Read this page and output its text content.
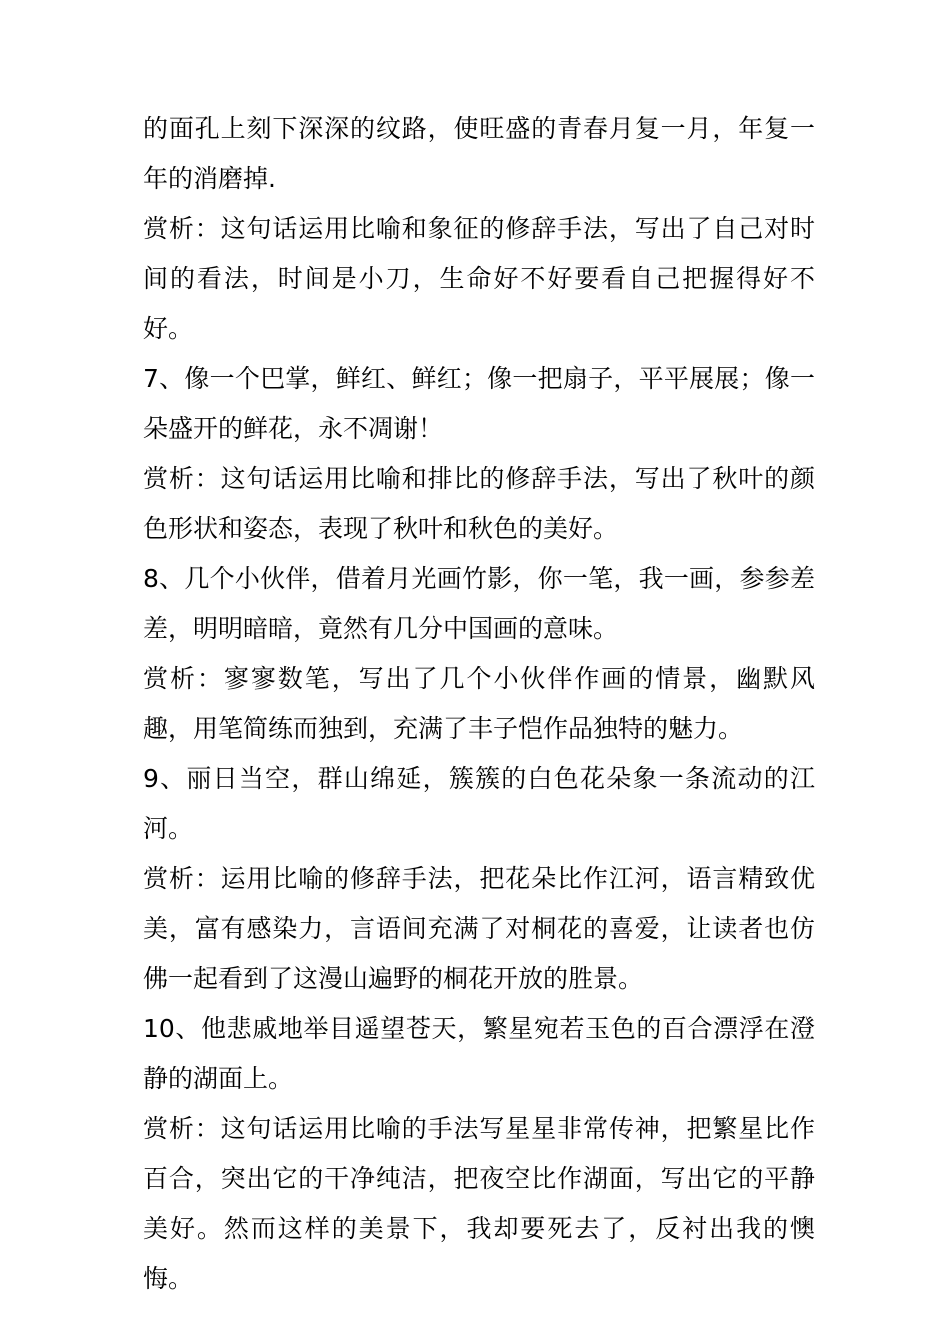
的面孔上刻下深深的纹路，使旺盛的青春月复一月，年复一年的消磨掉.

赏析：这句话运用比喻和象征的修辞手法，写出了自己对时间的看法，时间是小刀，生命好不好要看自己把握得好不好。

7、像一个巴掌，鲜红、鲜红；像一把扇子，平平展展；像一朵盛开的鲜花，永不凋谢！

赏析：这句话运用比喻和排比的修辞手法，写出了秋叶的颜色形状和姿态，表现了秋叶和秋色的美好。

8、几个小伙伴，借着月光画竹影，你一笔，我一画，参参差差，明明暗暗，竟然有几分中国画的意味。

赏析：寥寥数笔，写出了几个小伙伴作画的情景，幽默风趣，用笔简练而独到，充满了丰子恺作品独特的魅力。

9、丽日当空，群山绵延，簇簇的白色花朵象一条流动的江河。

赏析：运用比喻的修辞手法，把花朵比作江河，语言精致优美，富有感染力，言语间充满了对桐花的喜爱，让读者也仿佛一起看到了这漫山遍野的桐花开放的胜景。

10、他悲戚地举目遥望苍天，繁星宛若玉色的百合漂浮在澄静的湖面上。

赏析：这句话运用比喻的手法写星星非常传神，把繁星比作百合，突出它的干净纯洁，把夜空比作湖面，写出它的平静美好。然而这样的美景下，我却要死去了，反衬出我的懊悔。
